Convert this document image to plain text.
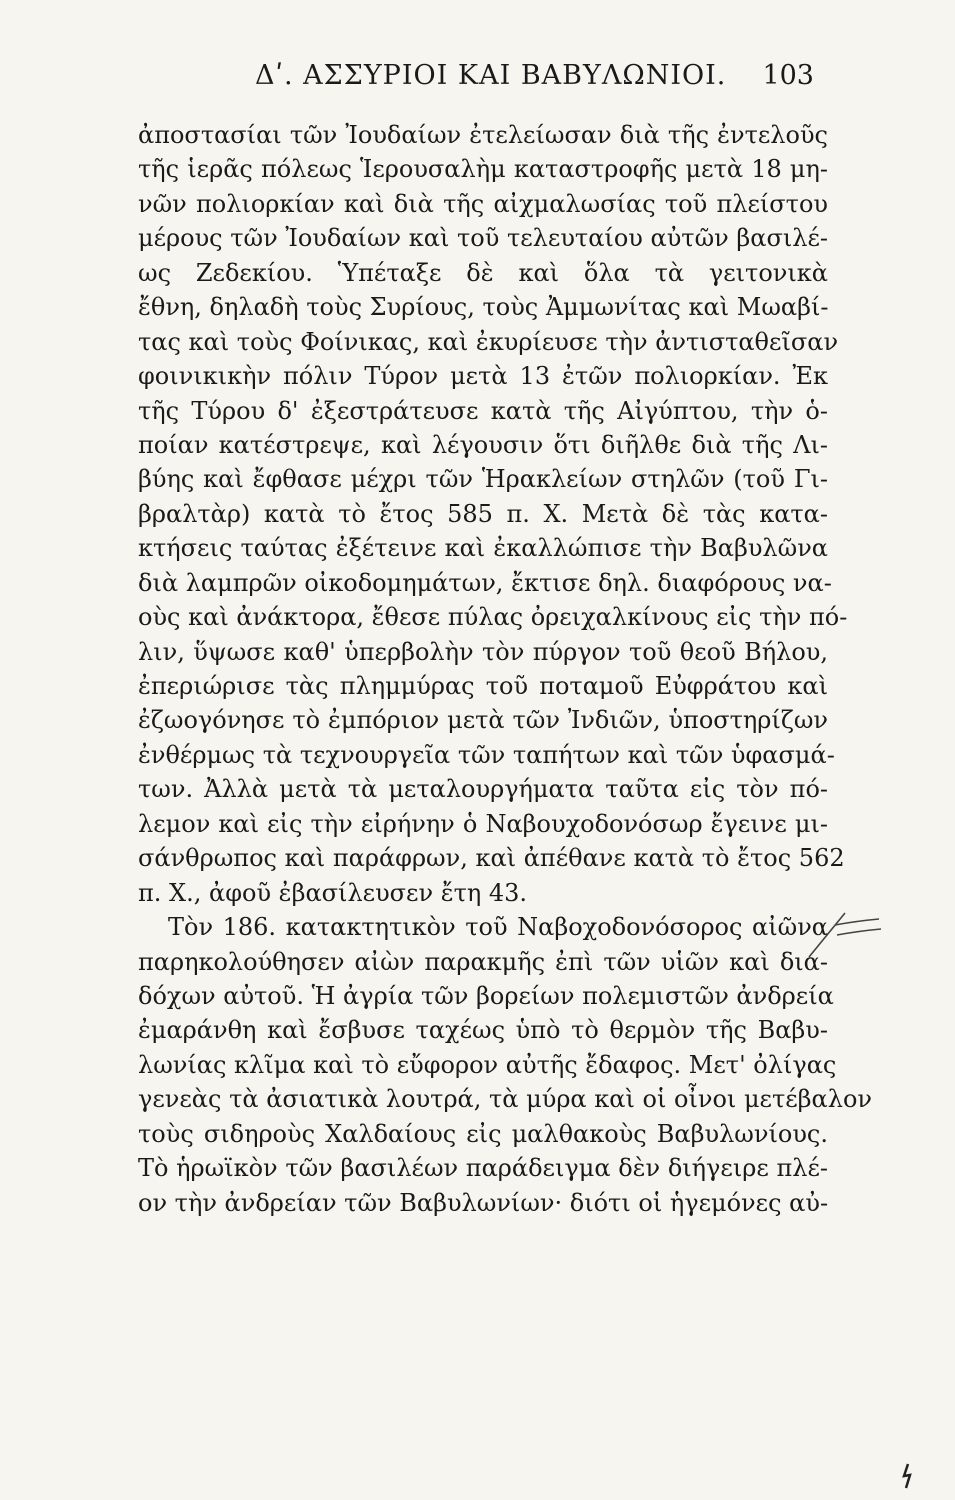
Δʹ. ΑΣΣΥΡΙΟΙ ΚΑΙ ΒΑΒΥΛΩΝΙΟΙ. 103
ἀποστασίαι τῶν Ἰουδαίων ἐτελείωσαν διὰ τῆς ἐντελοῦς
τῆς ἱερᾶς πόλεως Ἱερουσαλὴμ καταστροφῆς μετὰ 18 μη-
νῶν πολιορκίαν καὶ διὰ τῆς αἰχμαλωσίας τοῦ πλείστου
μέρους τῶν Ἰουδαίων καὶ τοῦ τελευταίου αὐτῶν βασιλέ-
ως Ζεδεκίου. Ὑπέταξε δὲ καὶ ὅλα τὰ γειτονικὰ
ἔθνη, δηλαδὴ τοὺς Συρίους, τοὺς Ἀμμωνίτας καὶ Μωαβί-
τας καὶ τοὺς Φοίνικας, καὶ ἐκυρίευσε τὴν ἀντισταθεῖσαν
φοινικικὴν πόλιν Τύρον μετὰ 13 ἐτῶν πολιορκίαν. Ἐκ
τῆς Τύρου δ' ἐξεστράτευσε κατὰ τῆς Αἰγύπτου, τὴν ὁ-
ποίαν κατέστρεψε, καὶ λέγουσιν ὅτι διῆλθε διὰ τῆς Λι-
βύης καὶ ἔφθασε μέχρι τῶν Ἡρακλείων στηλῶν (τοῦ Γι-
βραλτὰρ) κατὰ τὸ ἔτος 585 π. Χ. Μετὰ δὲ τὰς κατα-
κτήσεις ταύτας ἐξέτεινε καὶ ἐκαλλώπισε τὴν Βαβυλῶνα
διὰ λαμπρῶν οἰκοδομημάτων, ἔκτισε δηλ. διαφόρους να-
οὺς καὶ ἀνάκτορα, ἔθεσε πύλας ὀρειχαλκίνους εἰς τὴν πό-
λιν, ὕψωσε καθ' ὑπερβολὴν τὸν πύργον τοῦ θεοῦ Βήλου,
ἐπεριώρισε τὰς πλημμύρας τοῦ ποταμοῦ Εὐφράτου καὶ
ἐζωογόνησε τὸ ἐμπόριον μετὰ τῶν Ἰνδιῶν, ὑποστηρίζων
ἐνθέρμως τὰ τεχνουργεῖα τῶν ταπήτων καὶ τῶν ὑφασμά-
των. Ἀλλὰ μετὰ τὰ μεταλουργήματα ταῦτα εἰς τὸν πό-
λεμον καὶ εἰς τὴν εἰρήνην ὁ Ναβουχοδονόσωρ ἔγεινε μι-
σάνθρωπος καὶ παράφρων, καὶ ἀπέθανε κατὰ τὸ ἔτος 562
π. Χ., ἀφοῦ ἐβασίλευσεν ἔτη 43.
Τὸν 186. κατακτητικὸν τοῦ Ναβοχοδονόσορος αἰῶνα
παρηκολούθησεν αἰὼν παρακμῆς ἐπὶ τῶν υἱῶν καὶ δια-
δόχων αὐτοῦ. Ἡ ἀγρία τῶν βορείων πολεμιστῶν ἀνδρεία
ἐμαράνθη καὶ ἔσβυσε ταχέως ὑπὸ τὸ θερμὸν τῆς Βαβυ-
λωνίας κλῖμα καὶ τὸ εὔφορον αὐτῆς ἔδαφος. Μετ' ὀλίγας
γενεὰς τὰ ἀσιατικὰ λουτρά, τὰ μύρα καὶ οἱ οἶνοι μετέβαλον
τοὺς σιδηροὺς Χαλδαίους εἰς μαλθακοὺς Βαβυλωνίους.
Τὸ ἡρωϊκὸν τῶν βασιλέων παράδειγμα δὲν διήγειρε πλέ-
ον τὴν ἀνδρείαν τῶν Βαβυλωνίων· διότι οἱ ἡγεμόνες αὐ-
